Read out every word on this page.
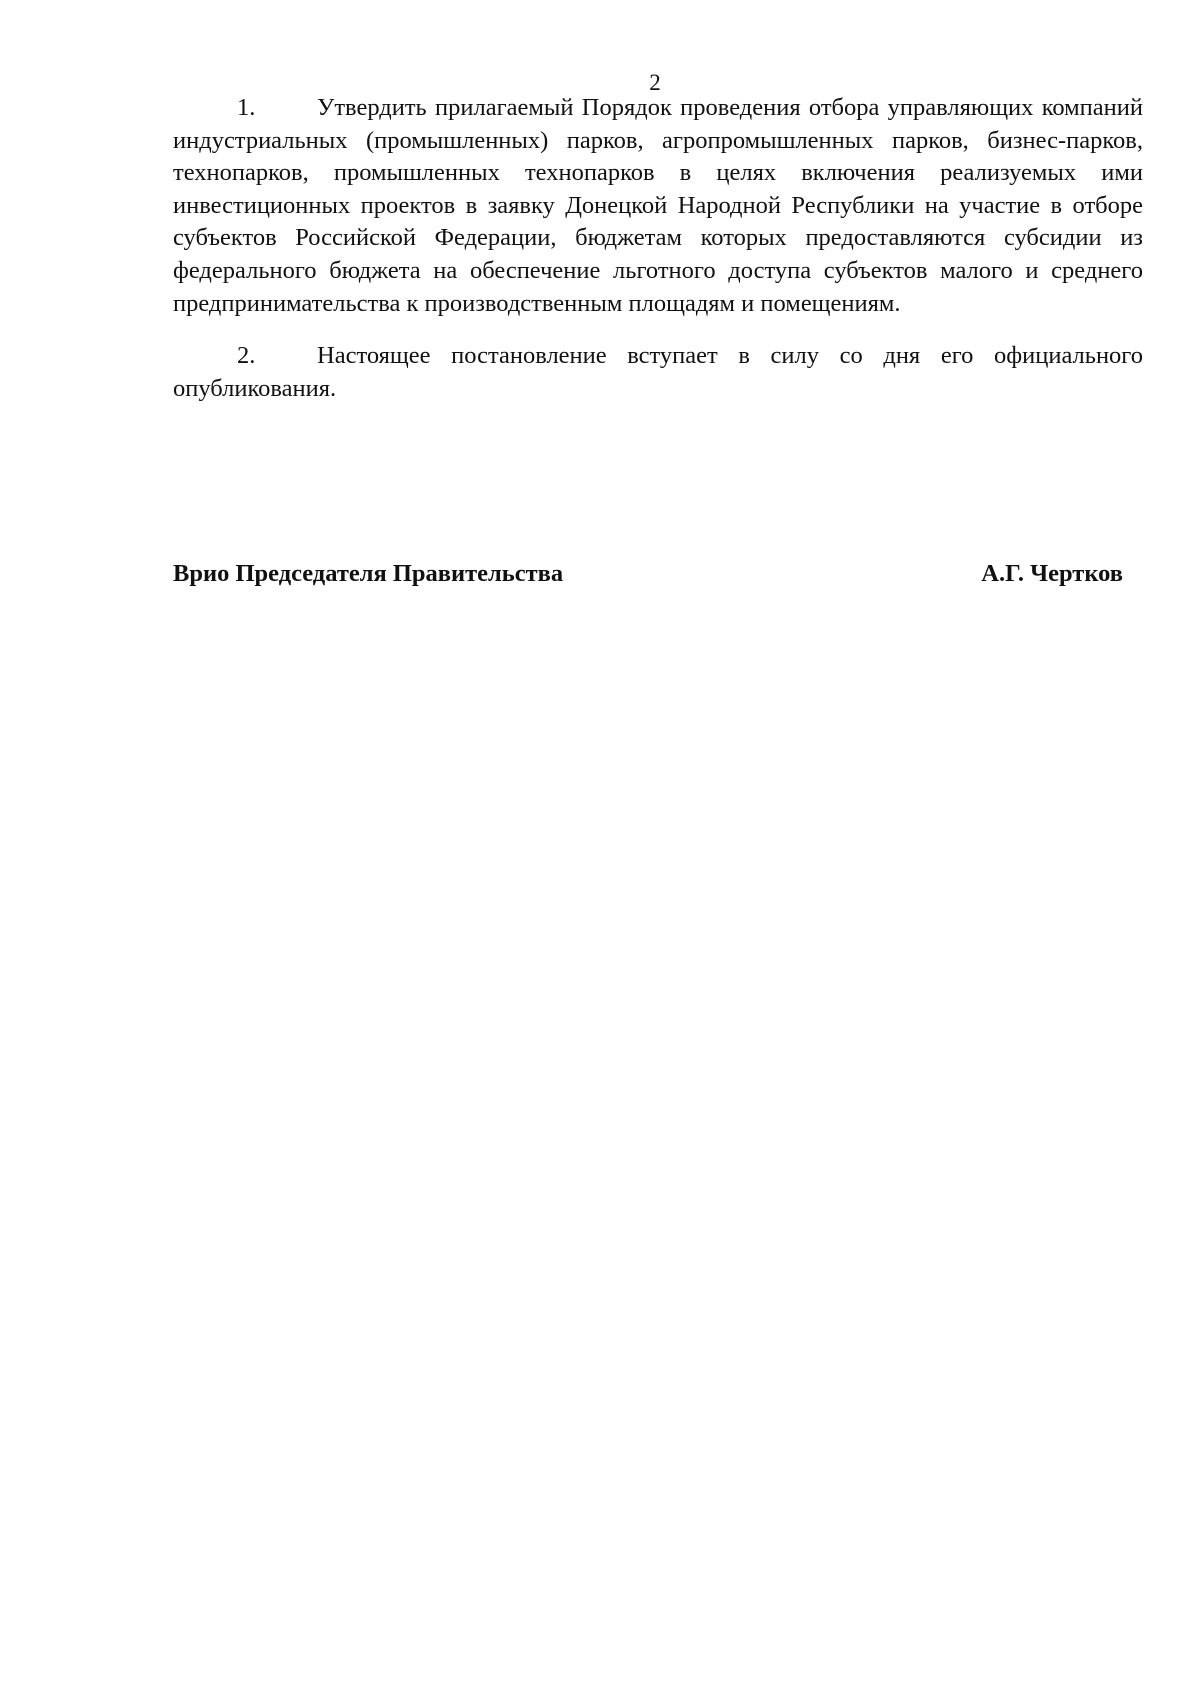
2

1.	Утвердить прилагаемый Порядок проведения отбора управляющих компаний индустриальных (промышленных) парков, агропромышленных парков, бизнес-парков, технопарков, промышленных технопарков в целях включения реализуемых ими инвестиционных проектов в заявку Донецкой Народной Республики на участие в отборе субъектов Российской Федерации, бюджетам которых предоставляются субсидии из федерального бюджета на обеспечение льготного доступа субъектов малого и среднего предпринимательства к производственным площадям и помещениям.

2.	Настоящее постановление вступает в силу со дня его официального опубликования.

Врио Председателя Правительства	А.Г. Чертков
